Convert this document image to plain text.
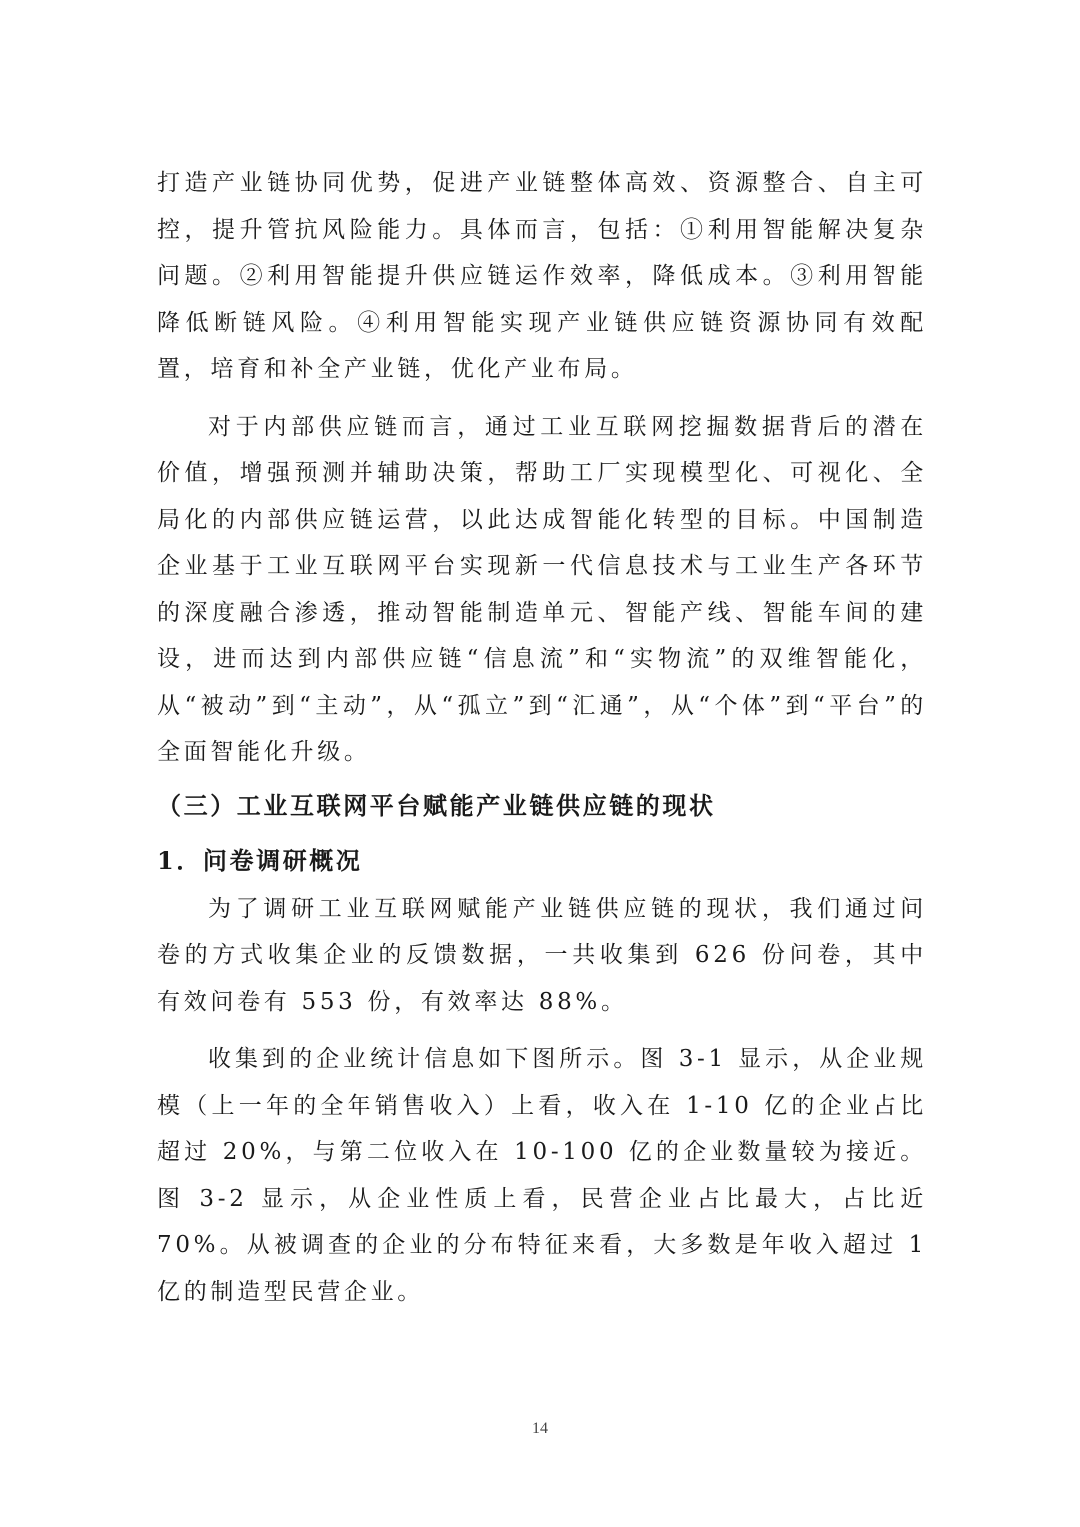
打造产业链协同优势，促进产业链整体高效、资源整合、自主可控，提升管抗风险能力。具体而言，包括：①利用智能解决复杂问题。②利用智能提升供应链运作效率，降低成本。③利用智能降低断链风险。④利用智能实现产业链供应链资源协同有效配置，培育和补全产业链，优化产业布局。

对于内部供应链而言，通过工业互联网挖掘数据背后的潜在价值，增强预测并辅助决策，帮助工厂实现模型化、可视化、全局化的内部供应链运营，以此达成智能化转型的目标。中国制造企业基于工业互联网平台实现新一代信息技术与工业生产各环节的深度融合渗透，推动智能制造单元、智能产线、智能车间的建设，进而达到内部供应链“信息流”和“实物流”的双维智能化，从“被动”到“主动”，从“孤立”到“汇通”，从“个体”到“平台”的全面智能化升级。

（三）工业互联网平台赋能产业链供应链的现状
1．问卷调研概况

为了调研工业互联网赋能产业链供应链的现状，我们通过问卷的方式收集企业的反馈数据，一共收集到 626 份问卷，其中有效问卷有 553 份，有效率达 88%。

收集到的企业统计信息如下图所示。图 3-1 显示，从企业规模（上一年的全年销售收入）上看，收入在 1-10 亿的企业占比超过 20%，与第二位收入在 10-100 亿的企业数量较为接近。图 3-2 显示，从企业性质上看，民营企业占比最大，占比近 70%。从被调查的企业的分布特征来看，大多数是年收入超过 1 亿的制造型民营企业。

14
